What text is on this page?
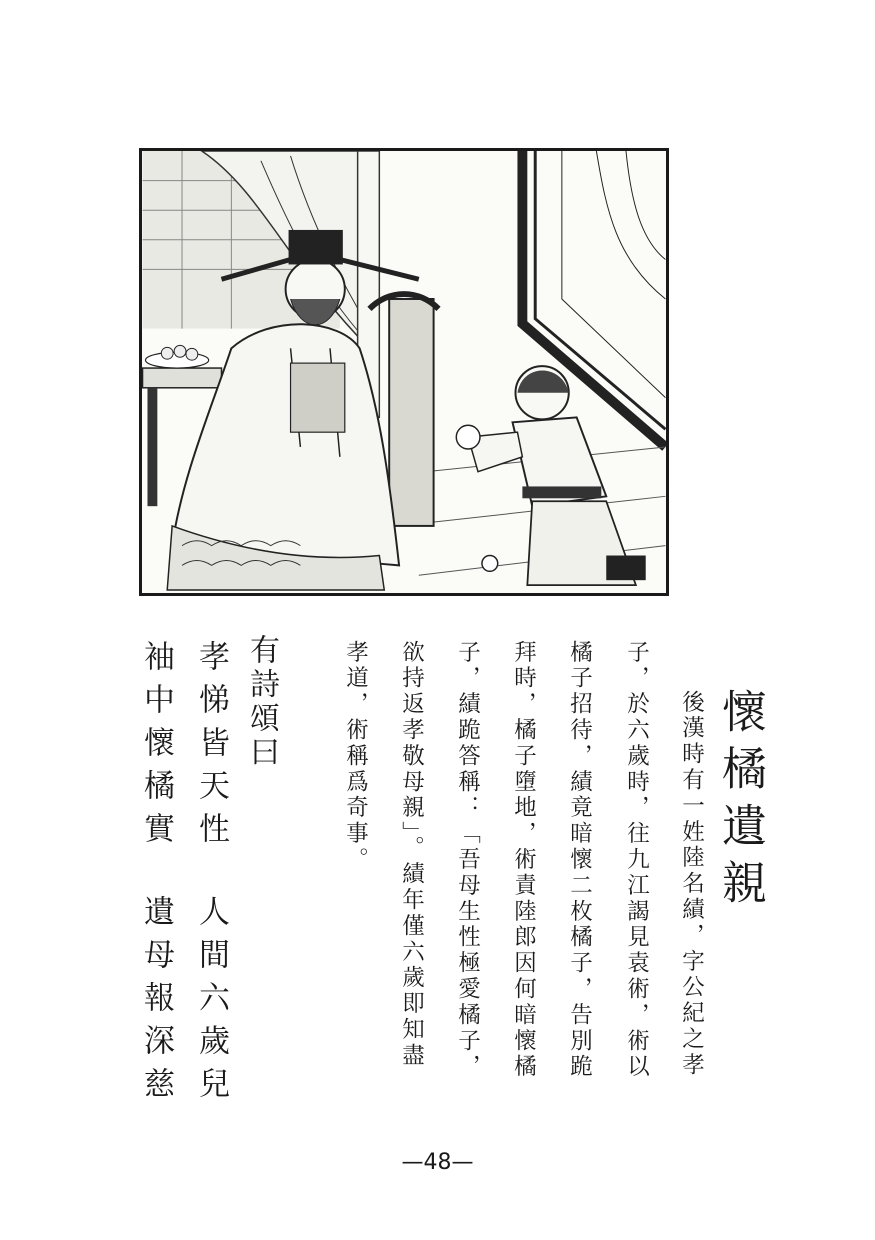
懷橘遺親
後漢時有一姓陸名績，字公紀之孝
子，於六歲時，往九江謁見袁術，術以
橘子招待，績竟暗懷二枚橘子，告別跪
拜時，橘子墮地，術責陸郎因何暗懷橘
子，績跪答稱：「吾母生性極愛橘子，
欲持返孝敬母親」。績年僅六歲即知盡
孝道，術稱爲奇事。
有詩頌曰
孝悌皆天性
人間六歲兒
袖中懷橘實
遺母報深慈
—48—
